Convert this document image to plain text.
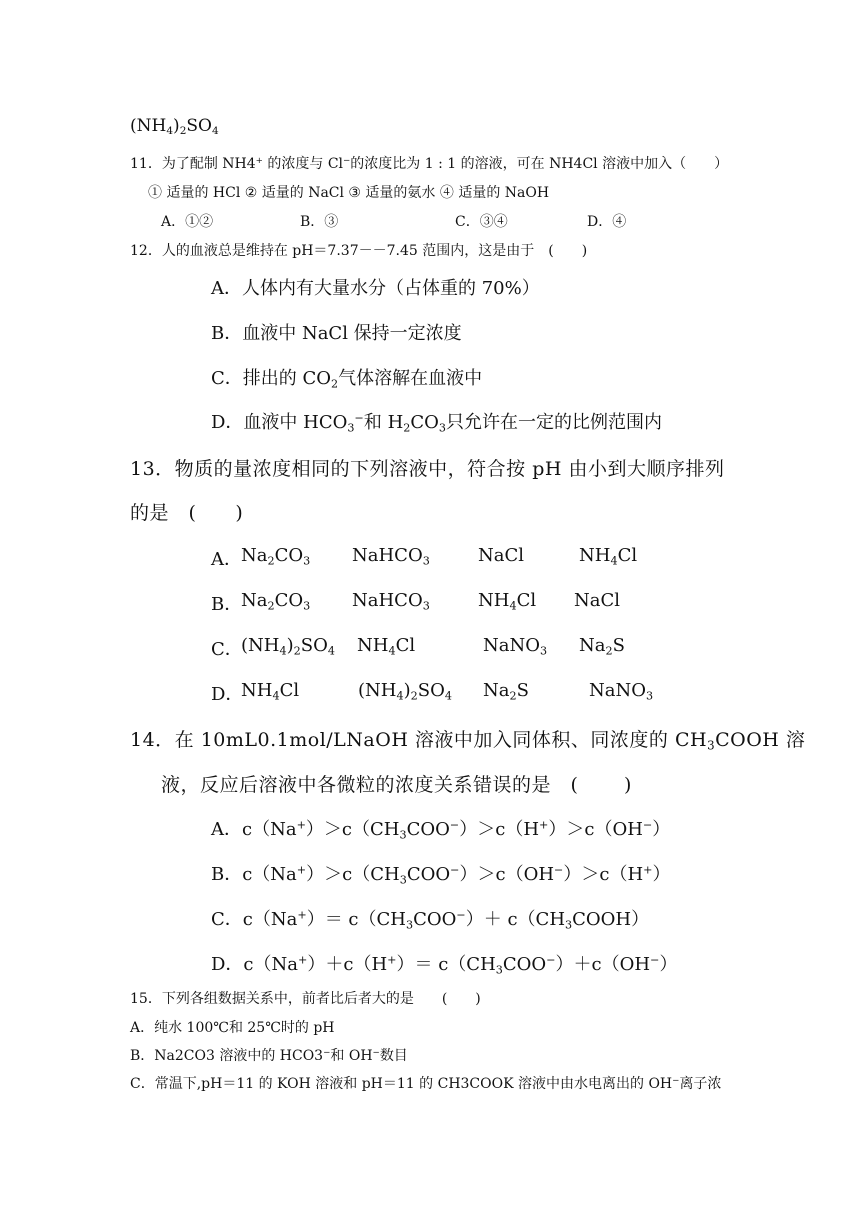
$(NH_4)_2SO_4$
11．为了配制 NH4+ 的浓度与 Cl−的浓度比为 1 : 1 的溶液，可在 NH4Cl 溶液中加入（　　）
① 适量的 HCl ② 适量的 NaCl ③ 适量的氨水 ④ 适量的 NaOH
A．①②	B．③	C．③④	D．④
12．人的血液总是维持在 pH＝7.37－－7.45 范围内，这是由于　(　　)
A．人体内有大量水分（占体重的 70%）
B．血液中 NaCl 保持一定浓度
C．排出的 $CO_2$气体溶解在血液中
D．血液中 $HCO_3^-$和 $H_2CO_3$只允许在一定的比例范围内
13．物质的量浓度相同的下列溶液中，符合按 pH 由小到大顺序排列
的是　(　　)
A． $Na_2CO_3$ NaHCO$_3$	NaCl	$NH_4Cl$
B．
$Na_2CO_3$ NaHCO$_3$	$NH_4Cl$ NaCl
C．
$(NH_4)_2SO_4$ $NH_4Cl$	NaNO$_3$ $Na_2S$
D．
$NH_4Cl$	$(NH_4)_2SO_4$ $Na_2S$	NaNO$_3$
14．在 10mL0.1mol/LNaOH 溶液中加入同体积、同浓度的 $CH_3COOH$ 溶
液，反应后溶液中各微粒的浓度关系错误的是　(　　 )
A．$c(Na^+)>c(CH_3COO^-)>c(H^+)>c(OH^-)$
B．$c(Na^+)>c(CH_3COO^-)>c(OH^-)>c(H^+)$
C．$c(Na^+)= c(CH_3COO^-)+$ $c(CH_3COOH)$
D．$c(Na^+)+c(H^+)= c(CH_3COO^-)+c(OH^-)$
15．下列各组数据关系中，前者比后者大的是　　(　　)
A．纯水 100℃和 25℃时的 pH
B．Na2CO3 溶液中的 HCO3−和 OH−数目
C．常温下,pH＝11 的 KOH 溶液和 pH＝11 的 CH3COOK 溶液中由水电离出的 OH−离子浓
